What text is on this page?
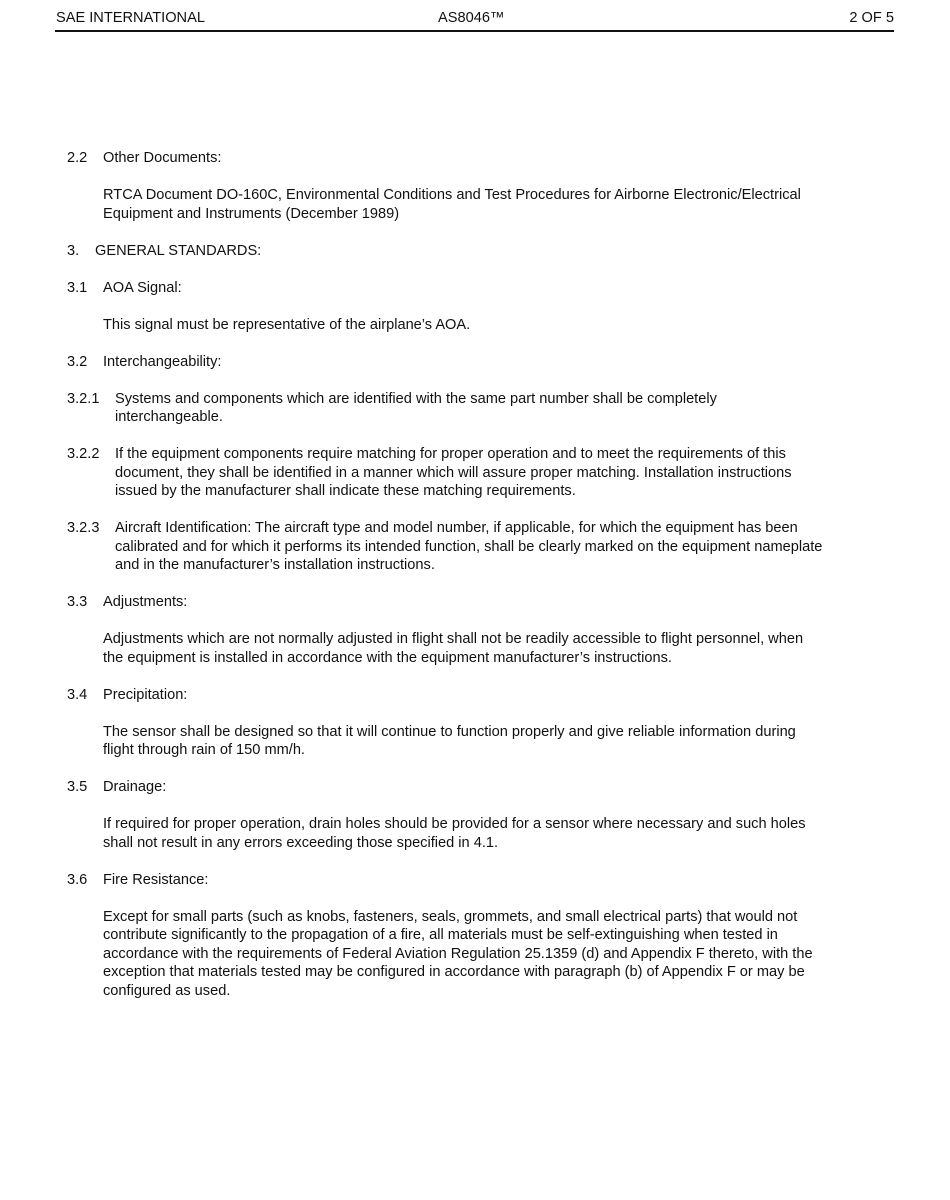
SAE INTERNATIONAL	AS8046™	2 OF 5

2.2 Other Documents:

RTCA Document DO-160C, Environmental Conditions and Test Procedures for Airborne Electronic/Electrical Equipment and Instruments (December 1989)

3. GENERAL STANDARDS:

3.1 AOA Signal:

This signal must be representative of the airplane’s AOA.

3.2 Interchangeability:

3.2.1 Systems and components which are identified with the same part number shall be completely interchangeable.

3.2.2 If the equipment components require matching for proper operation and to meet the requirements of this document, they shall be identified in a manner which will assure proper matching. Installation instructions issued by the manufacturer shall indicate these matching requirements.

3.2.3 Aircraft Identification: The aircraft type and model number, if applicable, for which the equipment has been calibrated and for which it performs its intended function, shall be clearly marked on the equipment nameplate and in the manufacturer’s installation instructions.

3.3 Adjustments:

Adjustments which are not normally adjusted in flight shall not be readily accessible to flight personnel, when the equipment is installed in accordance with the equipment manufacturer’s instructions.

3.4 Precipitation:

The sensor shall be designed so that it will continue to function properly and give reliable information during flight through rain of 150 mm/h.

3.5 Drainage:

If required for proper operation, drain holes should be provided for a sensor where necessary and such holes shall not result in any errors exceeding those specified in 4.1.

3.6 Fire Resistance:

Except for small parts (such as knobs, fasteners, seals, grommets, and small electrical parts) that would not contribute significantly to the propagation of a fire, all materials must be self-extinguishing when tested in accordance with the requirements of Federal Aviation Regulation 25.1359 (d) and Appendix F thereto, with the exception that materials tested may be configured in accordance with paragraph (b) of Appendix F or may be configured as used.
